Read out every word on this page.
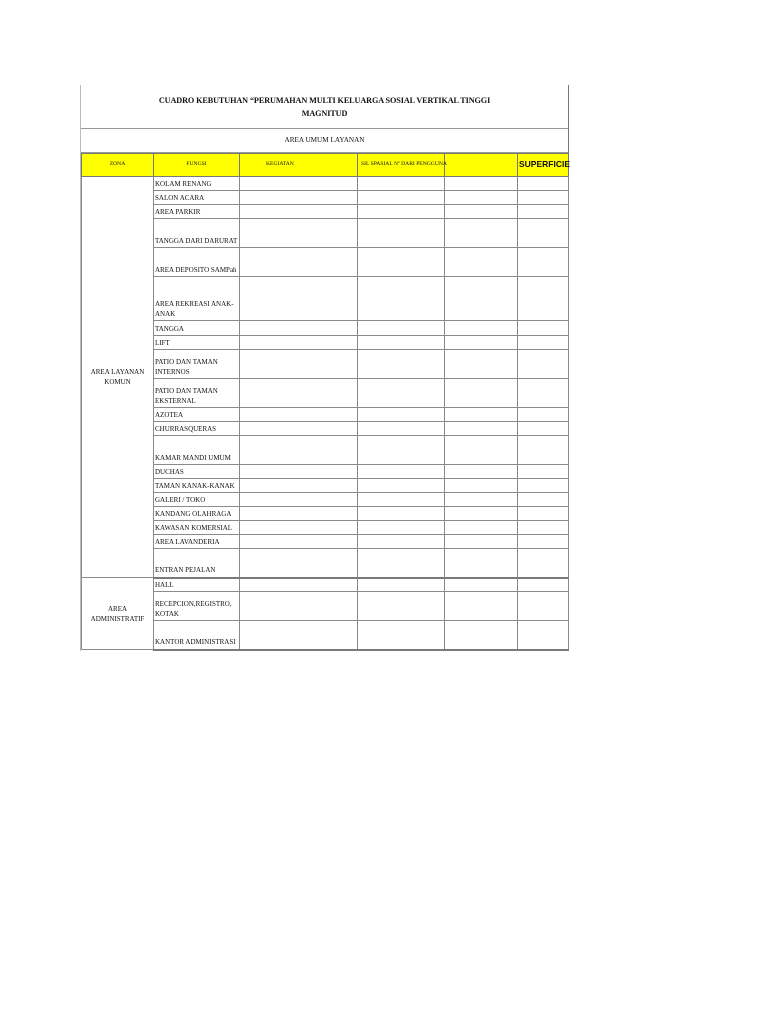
CUADRO KEBUTUHAN “PERUMAHAN MULTI KELUARGA SOSIAL VERTIKAL TINGGI
MAGNITUD
AREA UMUM LAYANAN
ZONA	FUNGSI	KEGIATAN	SIL SPASIAL Nº DARI PENGGUNA		SUPERFICIE
AREA LAYANAN KOMUN	KOLAM RENANG				
	SALON ACARA				
	AREA PARKIR				
	TANGGA DARI DARURAT				
	AREA DEPOSITO SAMPah				
	AREA REKREASI ANAK-ANAK				
	TANGGA				
	LIFT				
	PATIO DAN TAMAN INTERNOS				
	PATIO DAN TAMAN EKSTERNAL				
	AZOTEA				
	CHURRASQUERAS				
	KAMAR MANDI UMUM				
	DUCHAS				
	TAMAN KANAK-KANAK				
	GALERI / TOKO				
	KANDANG OLAHRAGA				
	KAWASAN KOMERSIAL				
	AREA LAVANDERIA				
	ENTRAN PEJALAN				
AREA ADMINISTRATIF	HALL				
	RECEPCION,REGISTRO, KOTAK				
	KANTOR ADMINISTRASI				
